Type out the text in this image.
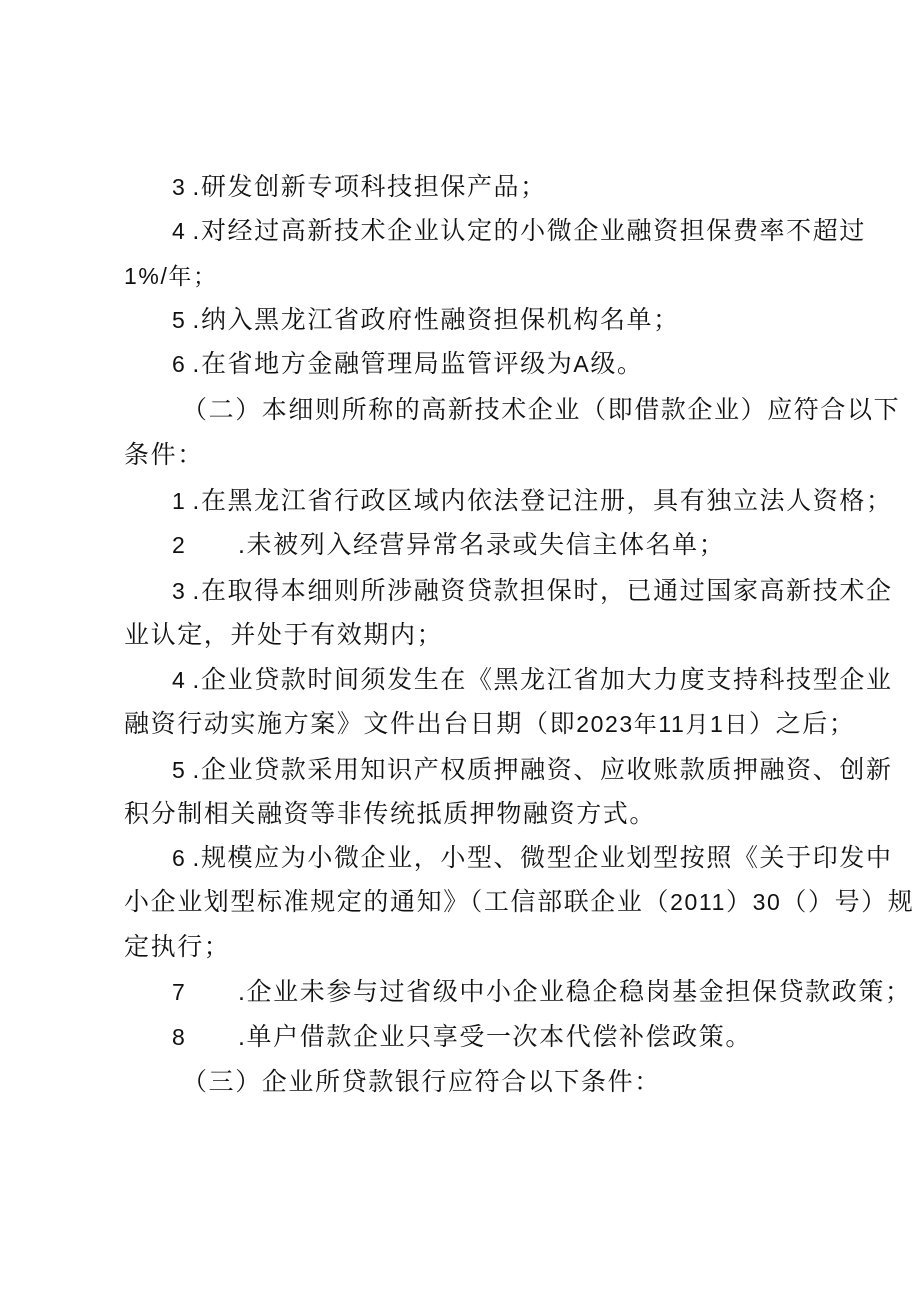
3 .研发创新专项科技担保产品；
4 .对经过高新技术企业认定的小微企业融资担保费率不超过
1%/年；
5 .纳入黑龙江省政府性融资担保机构名单；
6 .在省地方金融管理局监管评级为A级。
（二）本细则所称的高新技术企业（即借款企业）应符合以下
条件：
1 .在黑龙江省行政区域内依法登记注册，具有独立法人资格；
2 .未被列入经营异常名录或失信主体名单；
3 .在取得本细则所涉融资贷款担保时，已通过国家高新技术企
业认定，并处于有效期内；
4 .企业贷款时间须发生在《黑龙江省加大力度支持科技型企业
融资行动实施方案》文件出台日期（即2023年11月1日）之后；
5 .企业贷款采用知识产权质押融资、应收账款质押融资、创新
积分制相关融资等非传统抵质押物融资方式。
6 .规模应为小微企业，小型、微型企业划型按照《关于印发中
小企业划型标准规定的通知》（工信部联企业（2011）30（）号）规
定执行；
7 .企业未参与过省级中小企业稳企稳岗基金担保贷款政策；
8 .单户借款企业只享受一次本代偿补偿政策。
（三）企业所贷款银行应符合以下条件：
